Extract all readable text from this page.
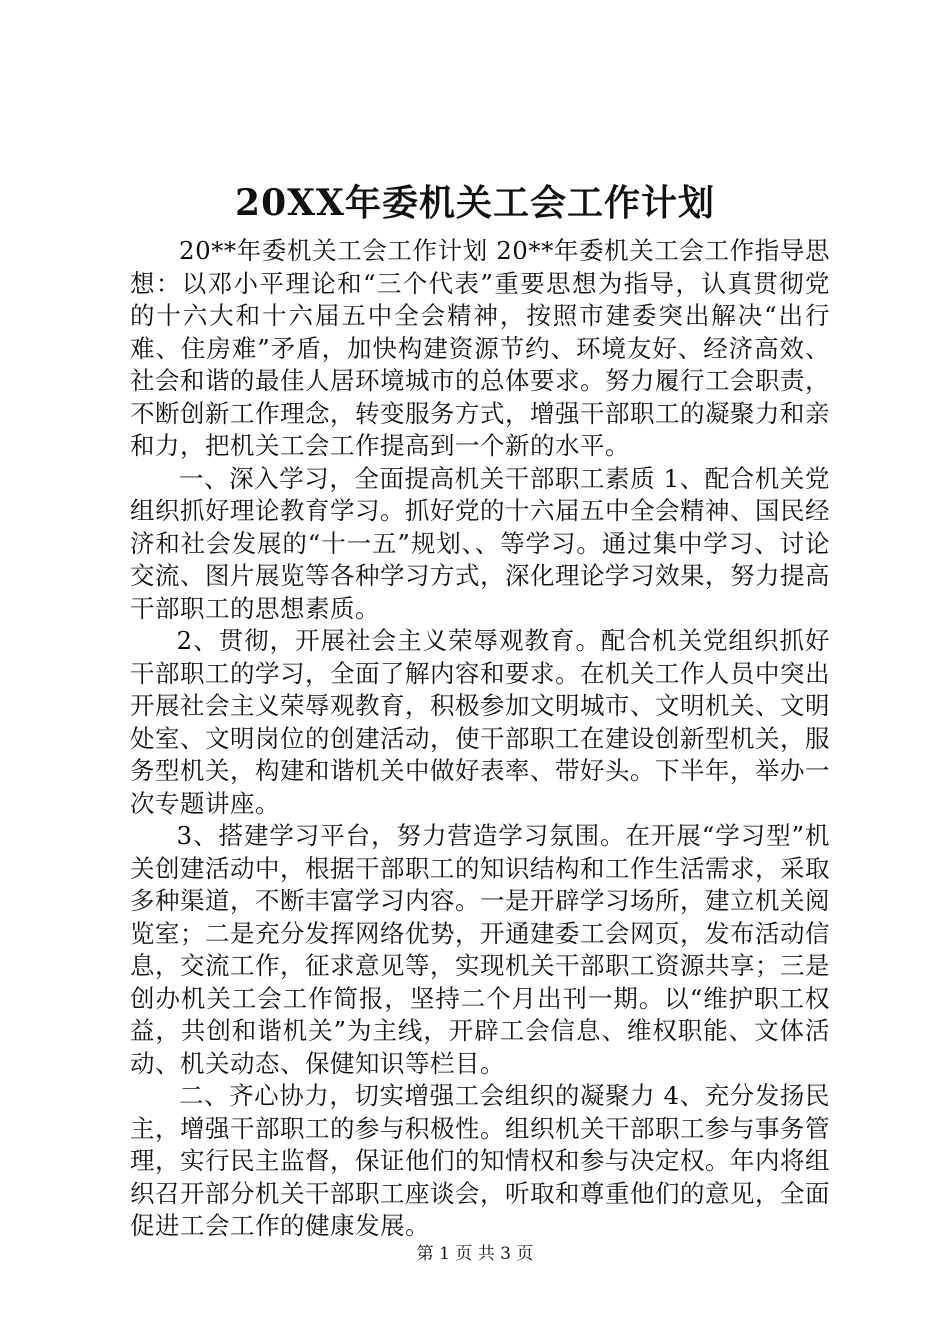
20XX年委机关工会工作计划

20**年委机关工会工作计划 20**年委机关工会工作指导思想：以邓小平理论和“三个代表”重要思想为指导，认真贯彻党的十六大和十六届五中全会精神，按照市建委突出解决“出行难、住房难”矛盾，加快构建资源节约、环境友好、经济高效、社会和谐的最佳人居环境城市的总体要求。努力履行工会职责，不断创新工作理念，转变服务方式，增强干部职工的凝聚力和亲和力，把机关工会工作提高到一个新的水平。

一、深入学习，全面提高机关干部职工素质 1、配合机关党组织抓好理论教育学习。抓好党的十六届五中全会精神、国民经济和社会发展的“十一五”规划、、等学习。通过集中学习、讨论交流、图片展览等各种学习方式，深化理论学习效果，努力提高干部职工的思想素质。

2、贯彻，开展社会主义荣辱观教育。配合机关党组织抓好干部职工的学习，全面了解内容和要求。在机关工作人员中突出开展社会主义荣辱观教育，积极参加文明城市、文明机关、文明处室、文明岗位的创建活动，使干部职工在建设创新型机关，服务型机关，构建和谐机关中做好表率、带好头。下半年，举办一次专题讲座。

3、搭建学习平台，努力营造学习氛围。在开展“学习型”机关创建活动中，根据干部职工的知识结构和工作生活需求，采取多种渠道，不断丰富学习内容。一是开辟学习场所，建立机关阅览室；二是充分发挥网络优势，开通建委工会网页，发布活动信息，交流工作，征求意见等，实现机关干部职工资源共享；三是创办机关工会工作简报，坚持二个月出刊一期。以“维护职工权益，共创和谐机关”为主线，开辟工会信息、维权职能、文体活动、机关动态、保健知识等栏目。

二、齐心协力，切实增强工会组织的凝聚力 4、充分发扬民主，增强干部职工的参与积极性。组织机关干部职工参与事务管理，实行民主监督，保证他们的知情权和参与决定权。年内将组织召开部分机关干部职工座谈会，听取和尊重他们的意见，全面促进工会工作的健康发展。

第 1 页 共 3 页
